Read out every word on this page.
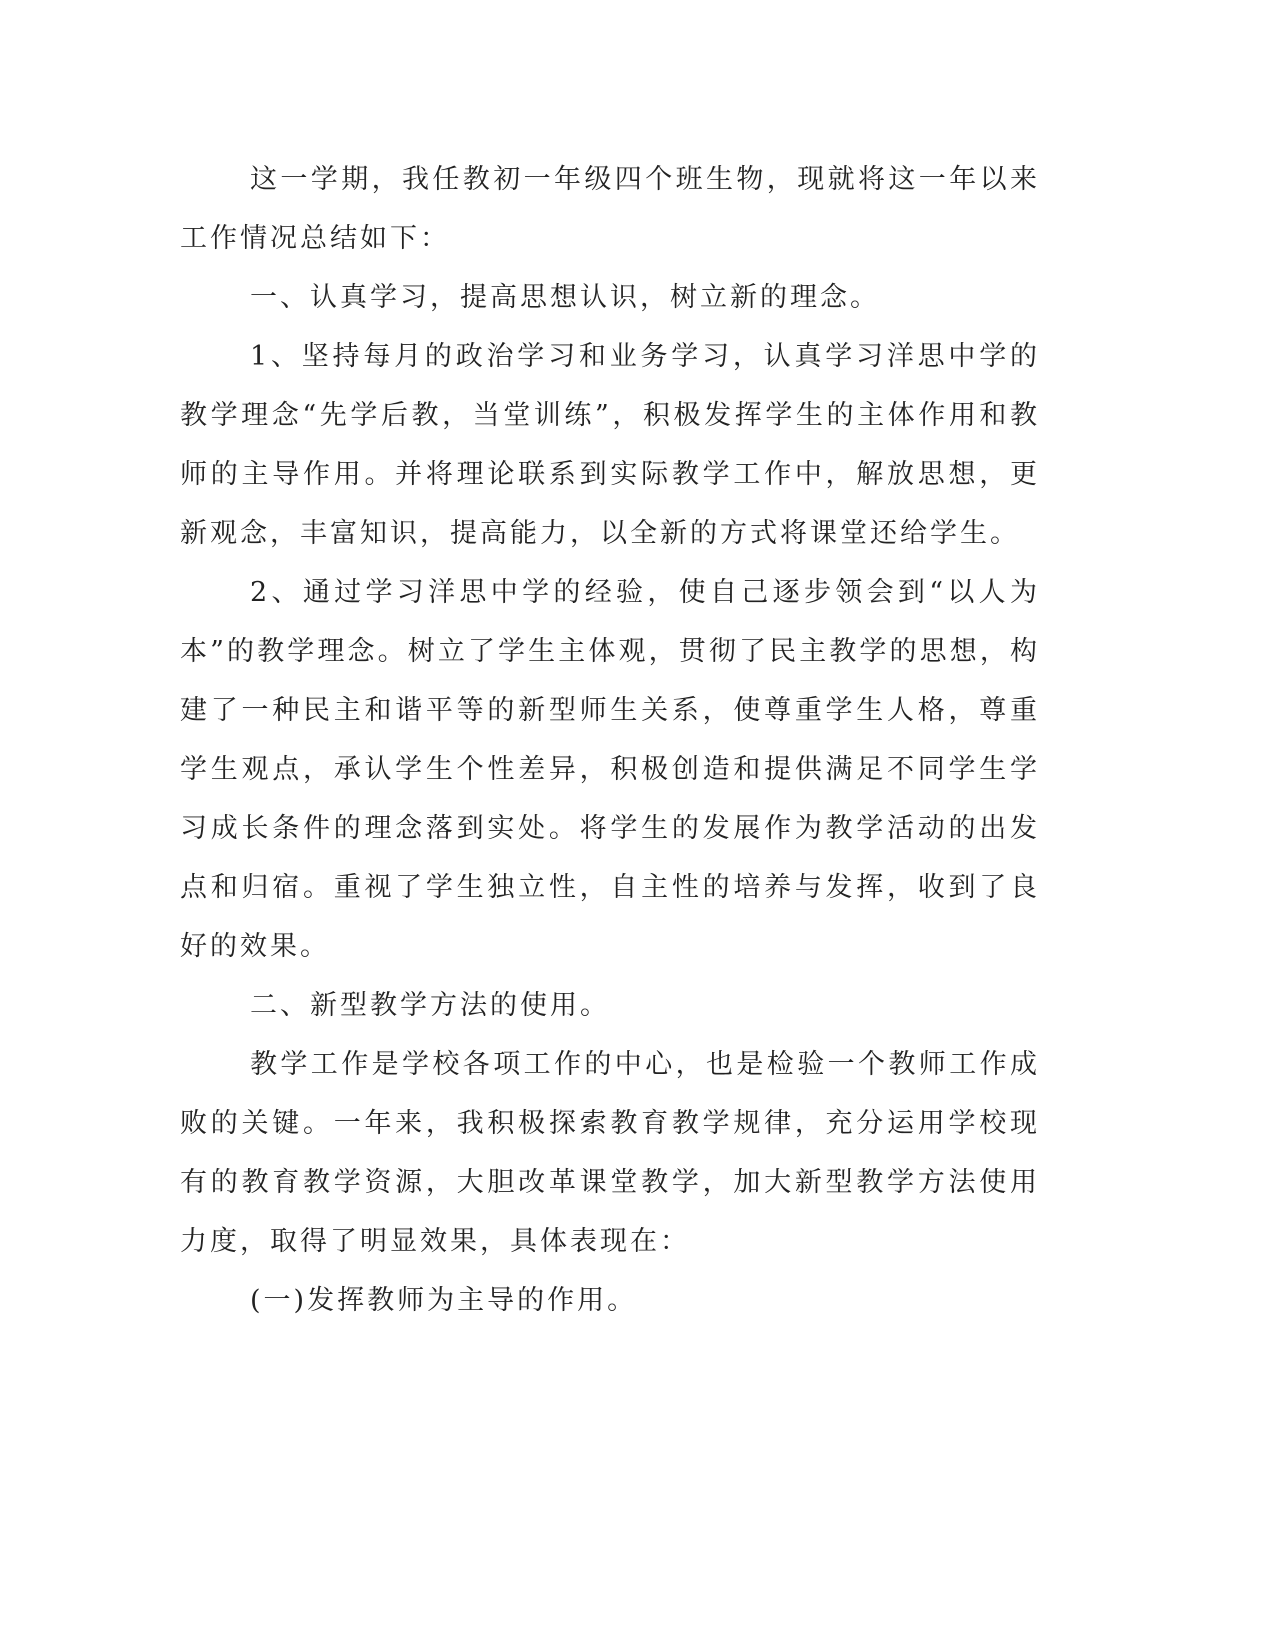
这一学期，我任教初一年级四个班生物，现就将这一年以来工作情况总结如下：

一、认真学习，提高思想认识，树立新的理念。

1、坚持每月的政治学习和业务学习，认真学习洋思中学的教学理念“先学后教，当堂训练”，积极发挥学生的主体作用和教师的主导作用。并将理论联系到实际教学工作中，解放思想，更新观念，丰富知识，提高能力，以全新的方式将课堂还给学生。

2、通过学习洋思中学的经验，使自己逐步领会到“以人为本”的教学理念。树立了学生主体观，贯彻了民主教学的思想，构建了一种民主和谐平等的新型师生关系，使尊重学生人格，尊重学生观点，承认学生个性差异，积极创造和提供满足不同学生学习成长条件的理念落到实处。将学生的发展作为教学活动的出发点和归宿。重视了学生独立性，自主性的培养与发挥，收到了良好的效果。

二、新型教学方法的使用。

教学工作是学校各项工作的中心，也是检验一个教师工作成败的关键。一年来，我积极探索教育教学规律，充分运用学校现有的教育教学资源，大胆改革课堂教学，加大新型教学方法使用力度，取得了明显效果，具体表现在：

(一)发挥教师为主导的作用。
